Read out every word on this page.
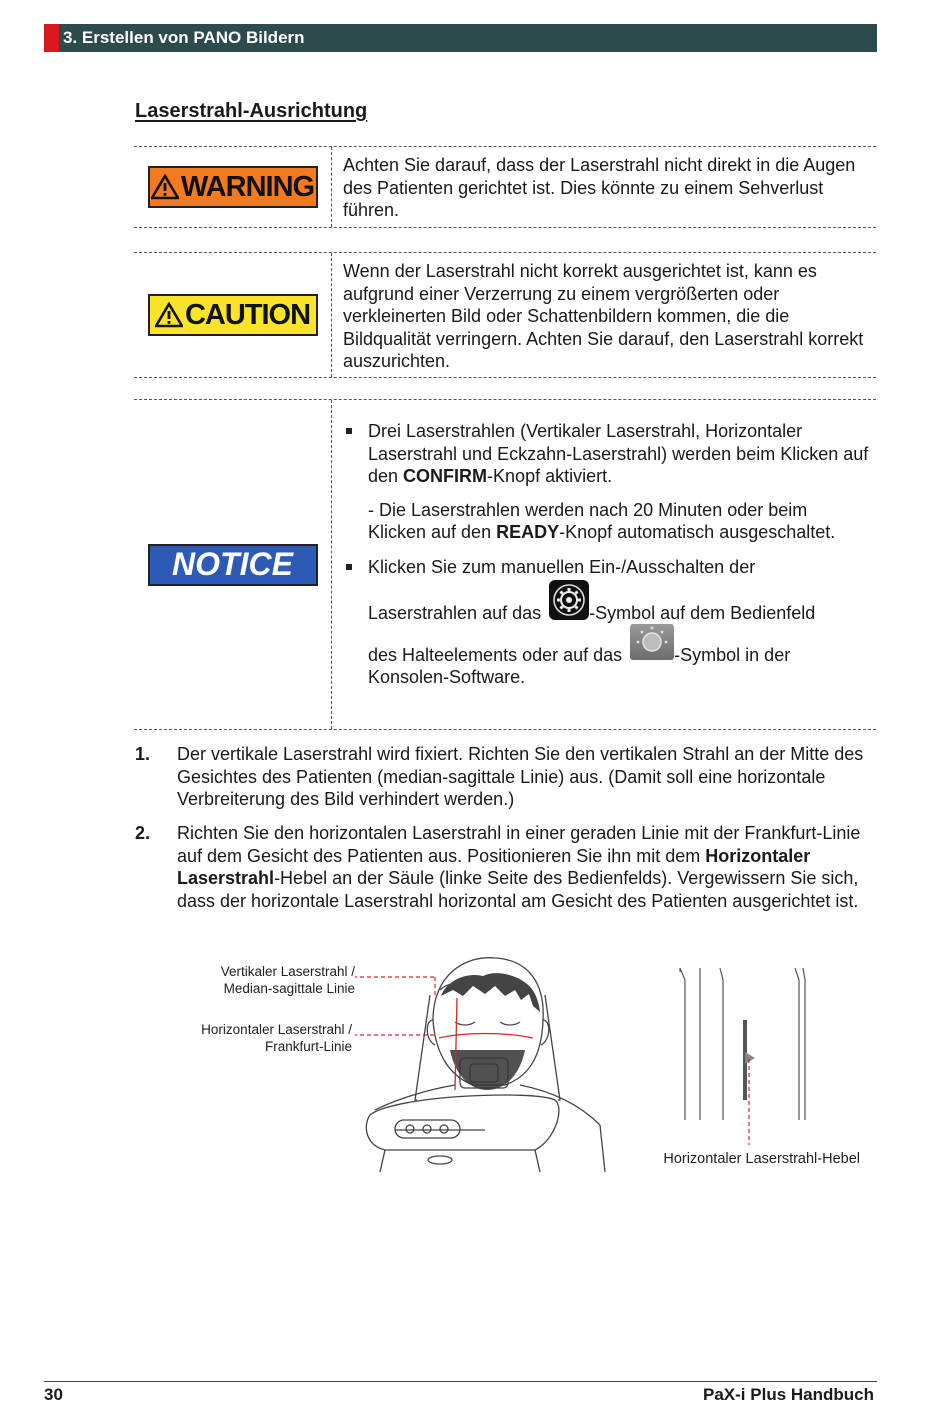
3. Erstellen von PANO Bildern
Laserstrahl-Ausrichtung
WARNING
Achten Sie darauf, dass der Laserstrahl nicht direkt in die Augen des Patienten gerichtet ist. Dies könnte zu einem Sehverlust führen.
CAUTION
Wenn der Laserstrahl nicht korrekt ausgerichtet ist, kann es aufgrund einer Verzerrung zu einem vergrößerten oder verkleinerten Bild oder Schattenbildern kommen, die die Bildqualität verringern. Achten Sie darauf, den Laserstrahl korrekt auszurichten.
NOTICE
Drei Laserstrahlen (Vertikaler Laserstrahl, Horizontaler Laserstrahl und Eckzahn-Laserstrahl) werden beim Klicken auf den CONFIRM-Knopf aktiviert.
- Die Laserstrahlen werden nach 20 Minuten oder beim Klicken auf den READY-Knopf automatisch ausgeschaltet.
Klicken Sie zum manuellen Ein-/Ausschalten der
Laserstrahlen auf das	-Symbol auf dem Bedienfeld
des Halteelements oder auf das	-Symbol in der
Konsolen-Software.
1. Der vertikale Laserstrahl wird fixiert. Richten Sie den vertikalen Strahl an der Mitte des Gesichtes des Patienten (median-sagittale Linie) aus. (Damit soll eine horizontale Verbreiterung des Bild verhindert werden.)
2. Richten Sie den horizontalen Laserstrahl in einer geraden Linie mit der Frankfurt-Linie auf dem Gesicht des Patienten aus. Positionieren Sie ihn mit dem Horizontaler Laserstrahl-Hebel an der Säule (linke Seite des Bedienfelds). Vergewissern Sie sich, dass der horizontale Laserstrahl horizontal am Gesicht des Patienten ausgerichtet ist.
Vertikaler Laserstrahl /
Median-sagittale Linie
Horizontaler Laserstrahl /
Frankfurt-Linie
Horizontaler Laserstrahl-Hebel
30	PaX-i Plus Handbuch
